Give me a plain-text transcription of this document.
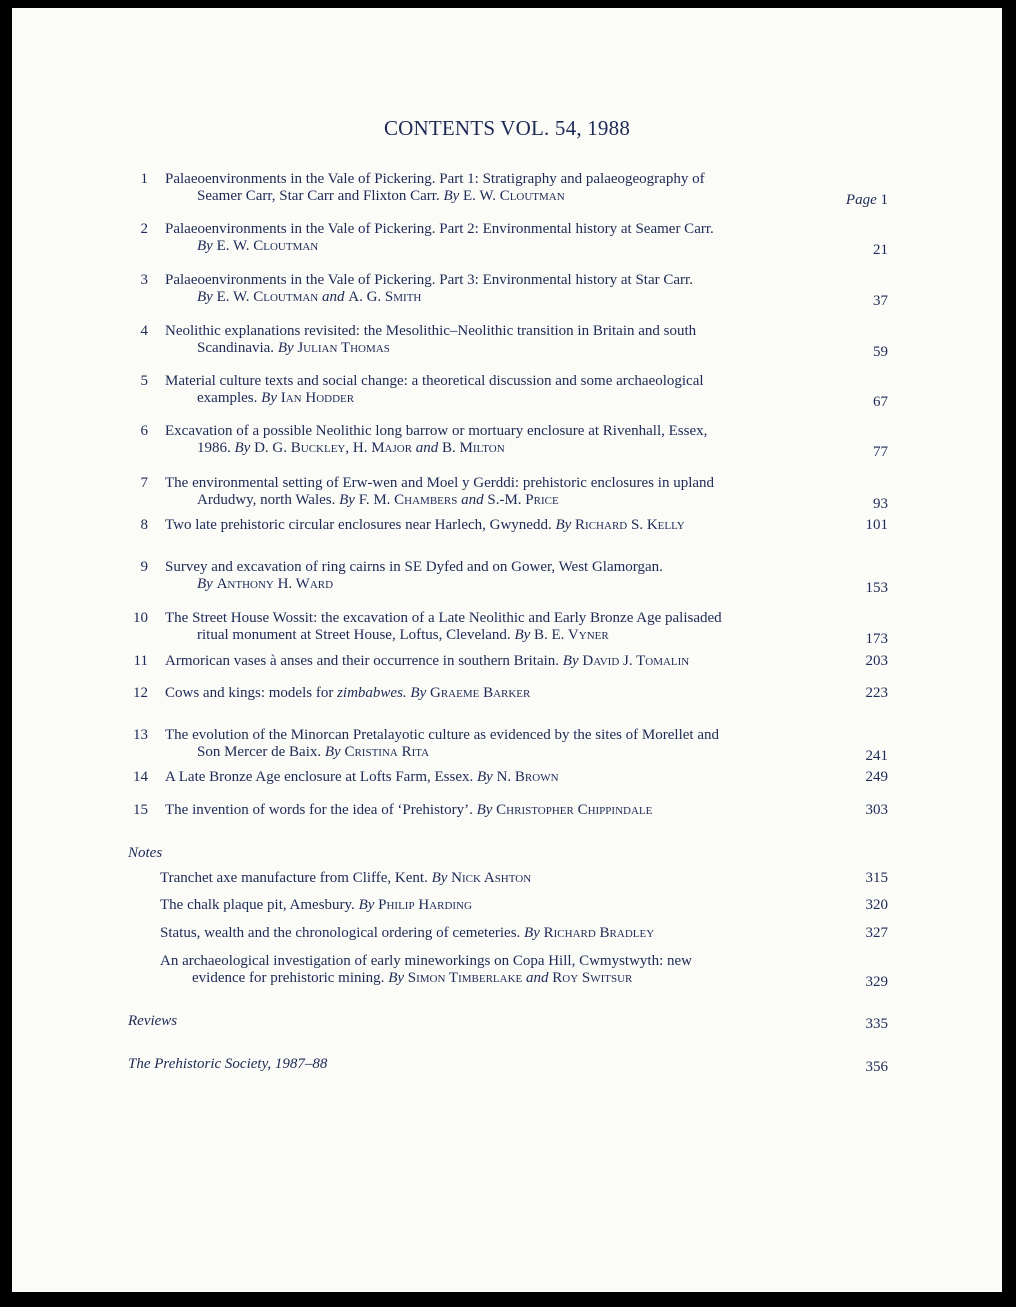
CONTENTS VOL. 54, 1988
1 Palaeoenvironments in the Vale of Pickering. Part 1: Stratigraphy and palaeogeography of
Seamer Carr, Star Carr and Flixton Carr. By E. W. Cloutman	Page 1
2 Palaeoenvironments in the Vale of Pickering. Part 2: Environmental history at Seamer Carr.
By E. W. Cloutman	21
3 Palaeoenvironments in the Vale of Pickering. Part 3: Environmental history at Star Carr.
By E. W. Cloutman and A. G. Smith	37
4 Neolithic explanations revisited: the Mesolithic–Neolithic transition in Britain and south
Scandinavia. By Julian Thomas	59
5 Material culture texts and social change: a theoretical discussion and some archaeological
examples. By Ian Hodder	67
6 Excavation of a possible Neolithic long barrow or mortuary enclosure at Rivenhall, Essex,
1986. By D. G. Buckley, H. Major and B. Milton	77
7 The environmental setting of Erw-wen and Moel y Gerddi: prehistoric enclosures in upland
Ardudwy, north Wales. By F. M. Chambers and S.-M. Price	93
8 Two late prehistoric circular enclosures near Harlech, Gwynedd. By Richard S. Kelly	101
9 Survey and excavation of ring cairns in SE Dyfed and on Gower, West Glamorgan.
By Anthony H. Ward	153
10 The Street House Wossit: the excavation of a Late Neolithic and Early Bronze Age palisaded
ritual monument at Street House, Loftus, Cleveland. By B. E. Vyner	173
11 Armorican vases à anses and their occurrence in southern Britain. By David J. Tomalin	203
12 Cows and kings: models for zimbabwes. By Graeme Barker	223
13 The evolution of the Minorcan Pretalayotic culture as evidenced by the sites of Morellet and
Son Mercer de Baix. By Cristina Rita	241
14 A Late Bronze Age enclosure at Lofts Farm, Essex. By N. Brown	249
15 The invention of words for the idea of ‘Prehistory’. By Christopher Chippindale	303
Notes
Tranchet axe manufacture from Cliffe, Kent. By Nick Ashton	315
The chalk plaque pit, Amesbury. By Philip Harding	320
Status, wealth and the chronological ordering of cemeteries. By Richard Bradley	327
An archaeological investigation of early mineworkings on Copa Hill, Cwmystwyth: new
evidence for prehistoric mining. By Simon Timberlake and Roy Switsur	329
Reviews	335
The Prehistoric Society, 1987–88	356
